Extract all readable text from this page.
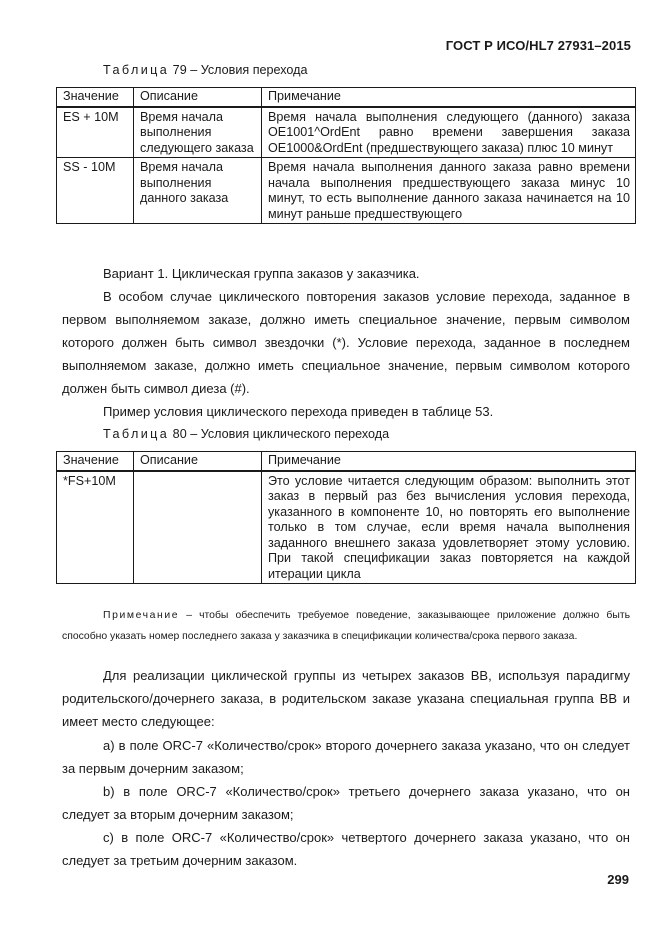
ГОСТ Р ИСО/HL7 27931–2015
Таблица 79 – Условия перехода
Значение	Описание	Примечание
ES + 10M	Время начала выполнения следующего заказа	Время начала выполнения следующего (данного) заказа OE1001^OrdEnt равно времени завершения заказа OE1000&OrdEnt (предшествующего заказа) плюс 10 минут
SS - 10M	Время начала выполнения данного заказа	Время начала выполнения данного заказа равно времени начала выполнения предшествующего заказа минус 10 минут, то есть выполнение данного заказа начинается на 10 минут раньше предшествующего
Вариант 1. Циклическая группа заказов у заказчика.
В особом случае циклического повторения заказов условие перехода, заданное в первом выполняемом заказе, должно иметь специальное значение, первым символом которого должен быть символ звездочки (*). Условие перехода, заданное в последнем выполняемом заказе, должно иметь специальное значение, первым символом которого должен быть символ диеза (#).
Пример условия циклического перехода приведен в таблице 53.
Таблица 80 – Условия циклического перехода
Значение	Описание	Примечание
*FS+10M		Это условие читается следующим образом: выполнить этот заказ в первый раз без вычисления условия перехода, указанного в компоненте 10, но повторять его выполнение только в том случае, если время начала выполнения заданного внешнего заказа удовлетворяет этому условию. При такой спецификации заказ повторяется на каждой итерации цикла
Примечание – чтобы обеспечить требуемое поведение, заказывающее приложение должно быть способно указать номер последнего заказа у заказчика в спецификации количества/срока первого заказа.
Для реализации циклической группы из четырех заказов BB, используя парадигму родительского/дочернего заказа, в родительском заказе указана специальная группа BB и имеет место следующее:
a) в поле ORC-7 «Количество/срок» второго дочернего заказа указано, что он следует за первым дочерним заказом;
b) в поле ORC-7 «Количество/срок» третьего дочернего заказа указано, что он следует за вторым дочерним заказом;
c) в поле ORC-7 «Количество/срок» четвертого дочернего заказа указано, что он следует за третьим дочерним заказом.
299
